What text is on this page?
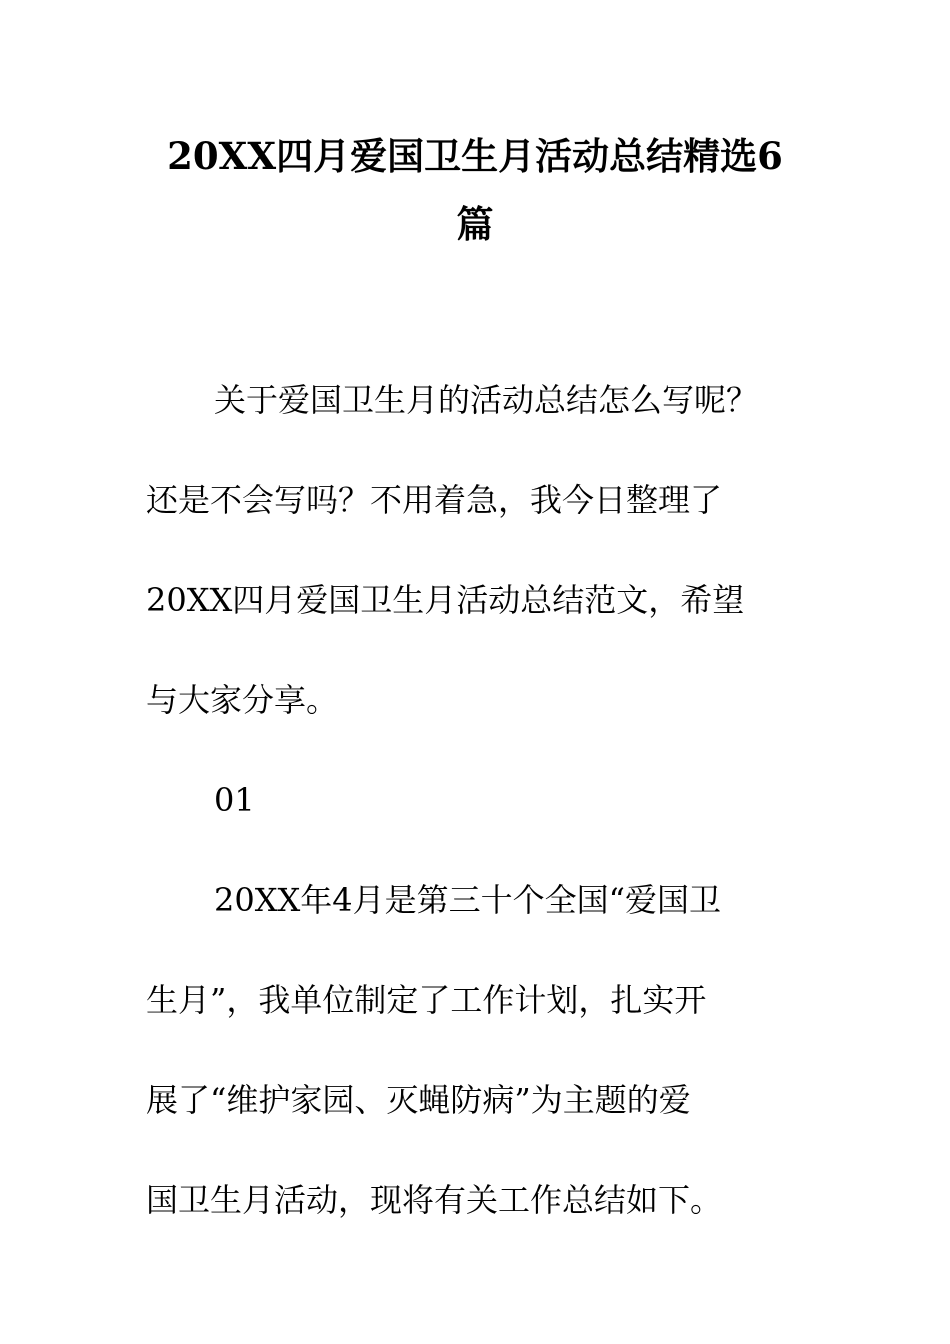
20XX四月爱国卫生月活动总结精选6
篇

关于爱国卫生月的活动总结怎么写呢？

还是不会写吗？不用着急，我今日整理了

20XX四月爱国卫生月活动总结范文，希望

与大家分享。

01

20XX年4月是第三十个全国“爱国卫

生月”，我单位制定了工作计划，扎实开

展了“维护家园、灭蝇防病”为主题的爱

国卫生月活动，现将有关工作总结如下。
